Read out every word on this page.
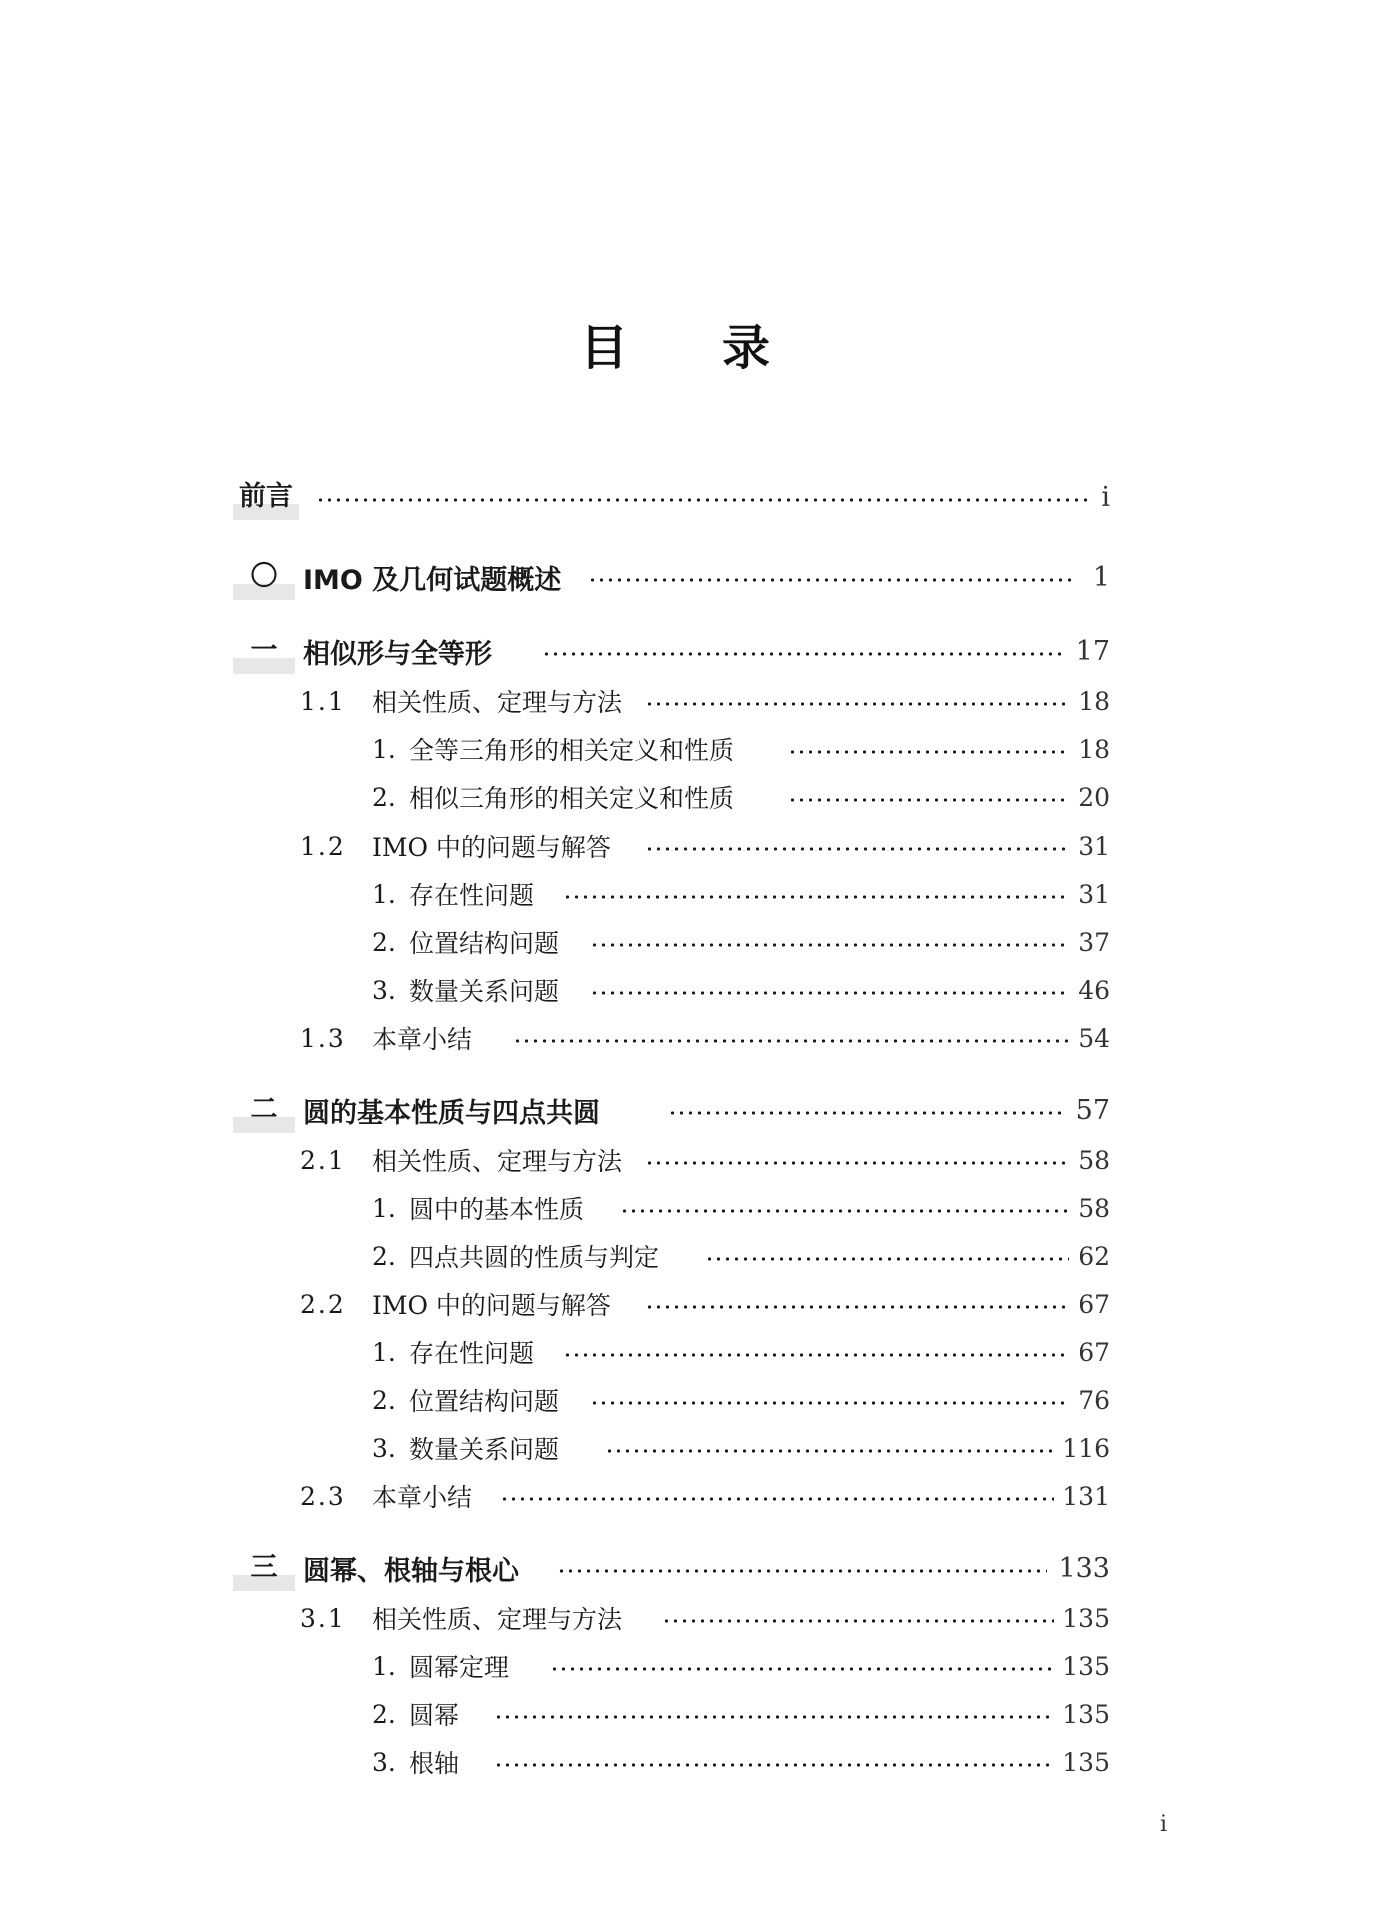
目 录
前言	i
〇 IMO 及几何试题概述	1
一 相似形与全等形	17
1.1 相关性质、定理与方法	18
1. 全等三角形的相关定义和性质	18
2. 相似三角形的相关定义和性质	20
1.2 IMO 中的问题与解答	31
1. 存在性问题	31
2. 位置结构问题	37
3. 数量关系问题	46
1.3 本章小结	54
二 圆的基本性质与四点共圆	57
2.1 相关性质、定理与方法	58
1. 圆中的基本性质	58
2. 四点共圆的性质与判定	62
2.2 IMO 中的问题与解答	67
1. 存在性问题	67
2. 位置结构问题	76
3. 数量关系问题	116
2.3 本章小结	131
三 圆幂、根轴与根心	133
3.1 相关性质、定理与方法	135
1. 圆幂定理	135
2. 圆幂	135
3. 根轴	135
i
